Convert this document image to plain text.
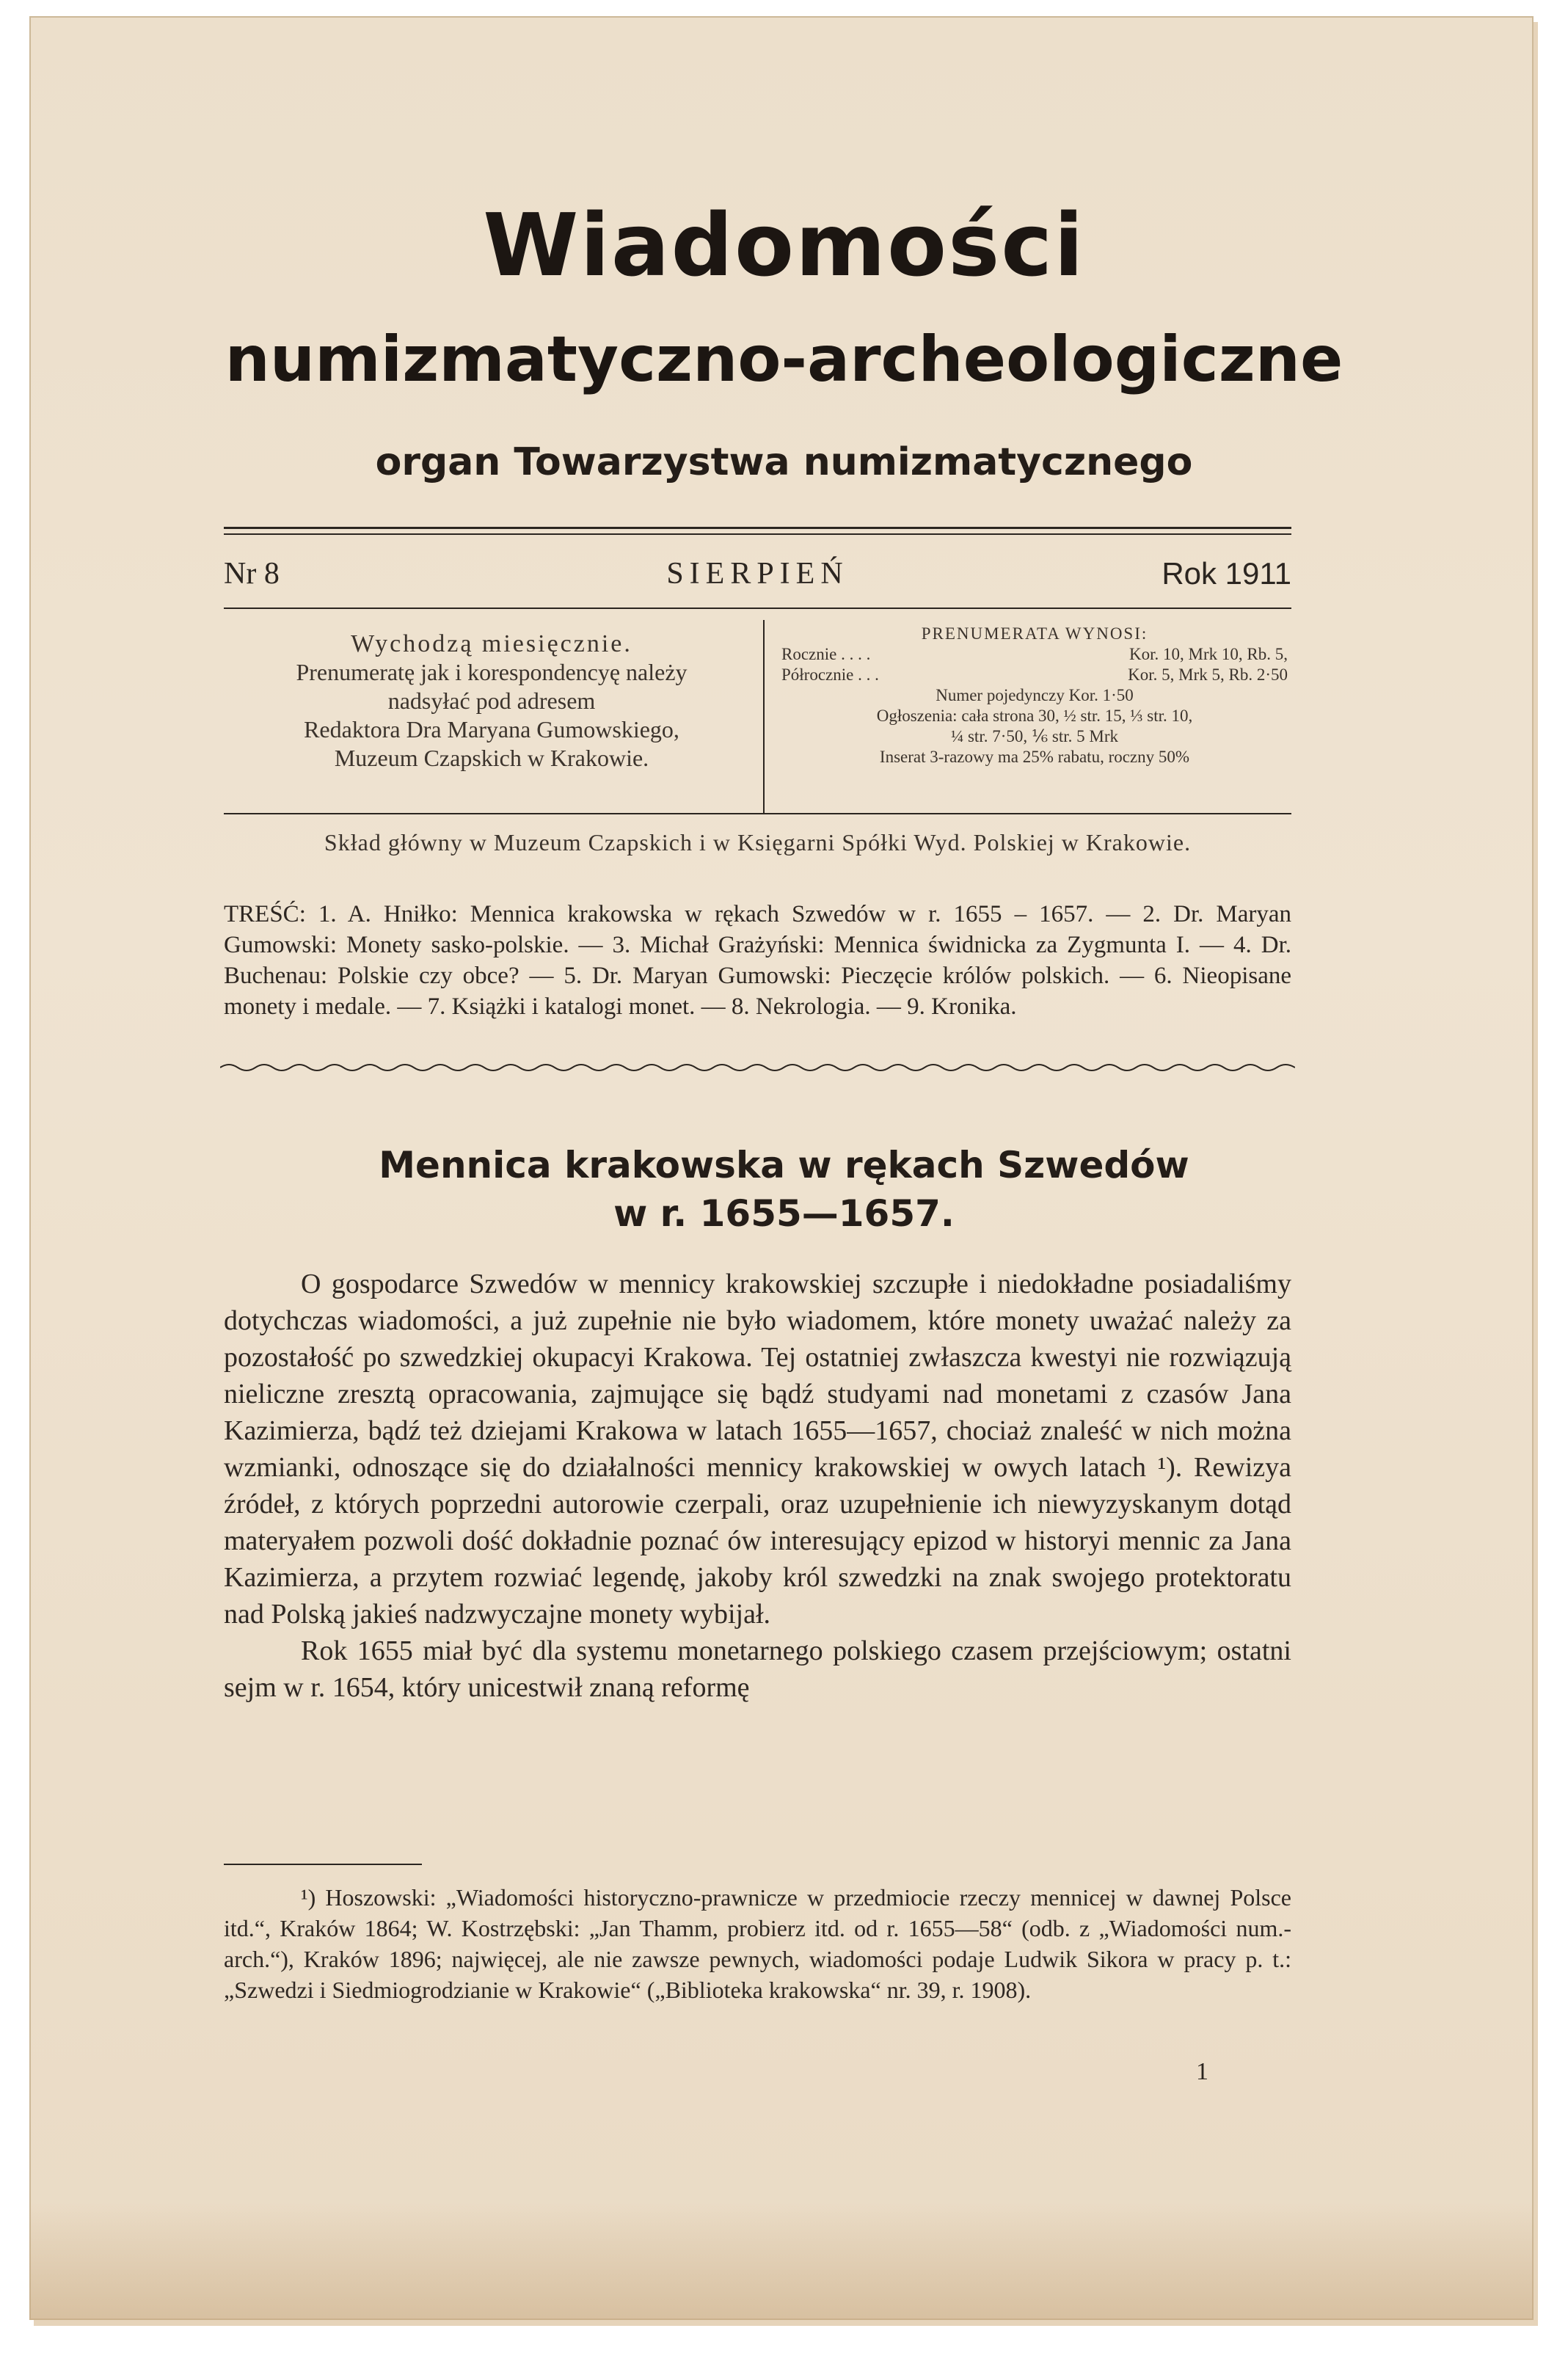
Wiadomości
numizmatyczno-archeologiczne
organ Towarzystwa numizmatycznego
Nr 8	SIERPIEŃ	Rok 1911
Wychodzą miesięcznie.
Prenumeratę jak i korespondencyę należy
nadsyłać pod adresem
Redaktora Dra Maryana Gumowskiego,
Muzeum Czapskich w Krakowie.
PRENUMERATA WYNOSI:
Rocznie . . . .	Kor. 10, Mrk 10, Rb. 5,
Półrocznie . . .	Kor. 5, Mrk 5, Rb. 2·50
Numer pojedynczy Kor. 1·50
Ogłoszenia: cała strona 30, ½ str. 15, ⅓ str. 10,
¼ str. 7·50, ⅙ str. 5 Mrk
Inserat 3-razowy ma 25% rabatu, roczny 50%
Skład główny w Muzeum Czapskich i w Księgarni Spółki Wyd. Polskiej w Krakowie.
TREŚĆ: 1. A. Hniłko: Mennica krakowska w rękach Szwedów w r. 1655 – 1657. — 2. Dr. Maryan Gumowski: Monety sasko-polskie. — 3. Michał Grażyński: Mennica świdnicka za Zygmunta I. — 4. Dr. Buchenau: Polskie czy obce? — 5. Dr. Maryan Gumowski: Pieczęcie królów polskich. — 6. Nieopisane monety i medale. — 7. Książki i katalogi monet. — 8. Nekrologia. — 9. Kronika.
Mennica krakowska w rękach Szwedów
w r. 1655—1657.

O gospodarce Szwedów w mennicy krakowskiej szczupłe i niedokładne posiadaliśmy dotychczas wiadomości, a już zupełnie nie było wiadomem, które monety uważać należy za pozostałość po szwedzkiej okupacyi Krakowa. Tej ostatniej zwłaszcza kwestyi nie rozwiązują nieliczne zresztą opracowania, zajmujące się bądź studyami nad monetami z czasów Jana Kazimierza, bądź też dziejami Krakowa w latach 1655—1657, chociaż znaleść w nich można wzmianki, odnoszące się do działalności mennicy krakowskiej w owych latach ¹). Rewizya źródeł, z których poprzedni autorowie czerpali, oraz uzupełnienie ich niewyzyskanym dotąd materyałem pozwoli dość dokładnie poznać ów interesujący epizod w historyi mennic za Jana Kazimierza, a przytem rozwiać legendę, jakoby król szwedzki na znak swojego protektoratu nad Polską jakieś nadzwyczajne monety wybijał.

Rok 1655 miał być dla systemu monetarnego polskiego czasem przejściowym; ostatni sejm w r. 1654, który unicestwił znaną reformę

¹) Hoszowski: „Wiadomości historyczno-prawnicze w przedmiocie rzeczy mennicej w dawnej Polsce itd.“, Kraków 1864; W. Kostrzębski: „Jan Thamm, probierz itd. od r. 1655—58“ (odb. z „Wiadomości num.-arch.“), Kraków 1896; najwięcej, ale nie zawsze pewnych, wiadomości podaje Ludwik Sikora w pracy p. t.: „Szwedzi i Siedmiogrodzianie w Krakowie“ („Biblioteka krakowska“ nr. 39, r. 1908).
1
